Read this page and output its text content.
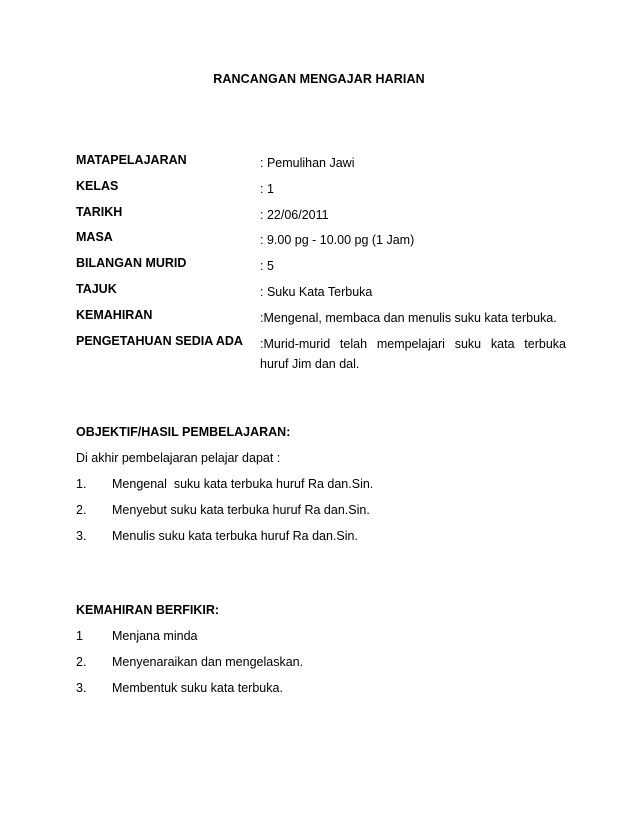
RANCANGAN MENGAJAR HARIAN
MATAPELAJARAN	: Pemulihan Jawi
KELAS	: 1
TARIKH	: 22/06/2011
MASA	: 9.00 pg - 10.00 pg (1 Jam)
BILANGAN MURID	: 5
TAJUK	: Suku Kata Terbuka
KEMAHIRAN	:Mengenal, membaca dan menulis suku kata terbuka.
PENGETAHUAN SEDIA ADA :Murid-murid telah mempelajari suku kata terbuka huruf Jim dan dal.
OBJEKTIF/HASIL PEMBELAJARAN:
Di akhir pembelajaran pelajar dapat :
1. Mengenal  suku kata terbuka huruf Ra dan.Sin.
2. Menyebut suku kata terbuka huruf Ra dan.Sin.
3. Menulis suku kata terbuka huruf Ra dan.Sin.
KEMAHIRAN BERFIKIR:
1 Menjana minda
2. Menyenaraikan dan mengelaskan.
3. Membentuk suku kata terbuka.
